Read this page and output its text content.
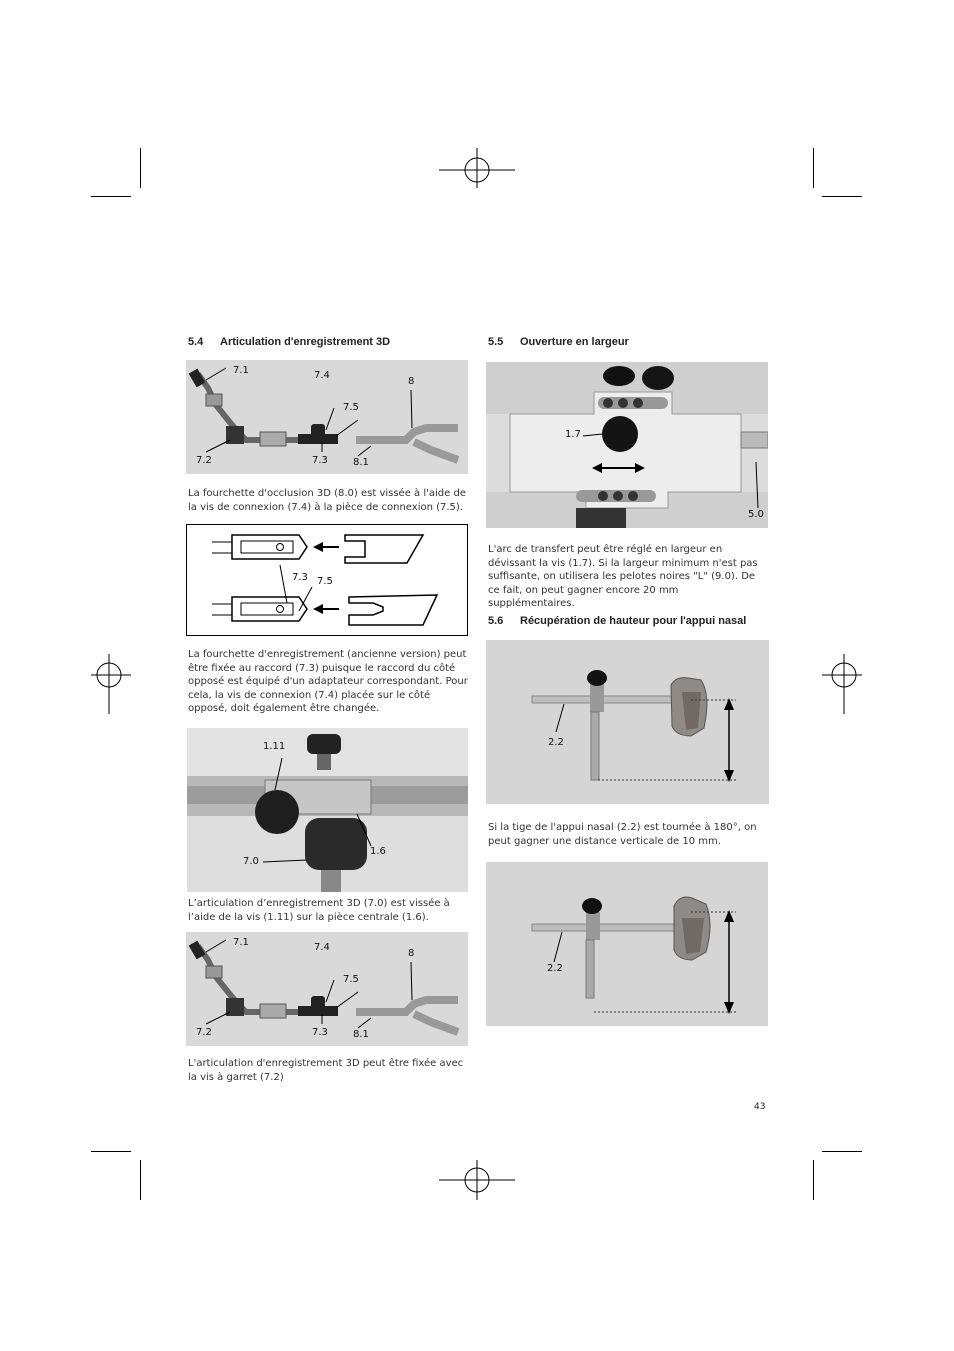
5.4 Articulation d'enregistrement 3D
7.1	7.4
8
7.5
7.2	7.3	8.1

La fourchette d'occlusion 3D (8.0) est vissée à l'aide de la vis de connexion (7.4) à la pièce de connexion (7.5).

7.3 7.5

La fourchette d'enregistrement (ancienne version) peut être fixée au raccord (7.3) puisque le raccord du côté opposé est équipé d'un adaptateur correspondant. Pour cela, la vis de connexion (7.4) placée sur le côté opposé, doit également être changée.

1.11
1.6
7.0

L’articulation d’enregistrement 3D (7.0) est vissée à l’aide de la vis (1.11) sur la pièce centrale (1.6).

7.1	7.4
8
7.5
7.2	7.3	8.1

L'articulation d'enregistrement 3D peut être fixée avec la vis à garret (7.2)

5.5 Ouverture en largeur
1.7
5.0

L'arc de transfert peut être réglé en largeur en dévissant la vis (1.7). Si la largeur minimum n'est pas suffisante, on utilisera les pelotes noires "L" (9.0). De ce fait, on peut gagner encore 20 mm supplémentaires.

5.6 Récupération de hauteur pour l'appui nasal
2.2

Si la tige de l'appui nasal (2.2) est tournée à 180°, on peut gagner une distance verticale de 10 mm.

2.2
43
